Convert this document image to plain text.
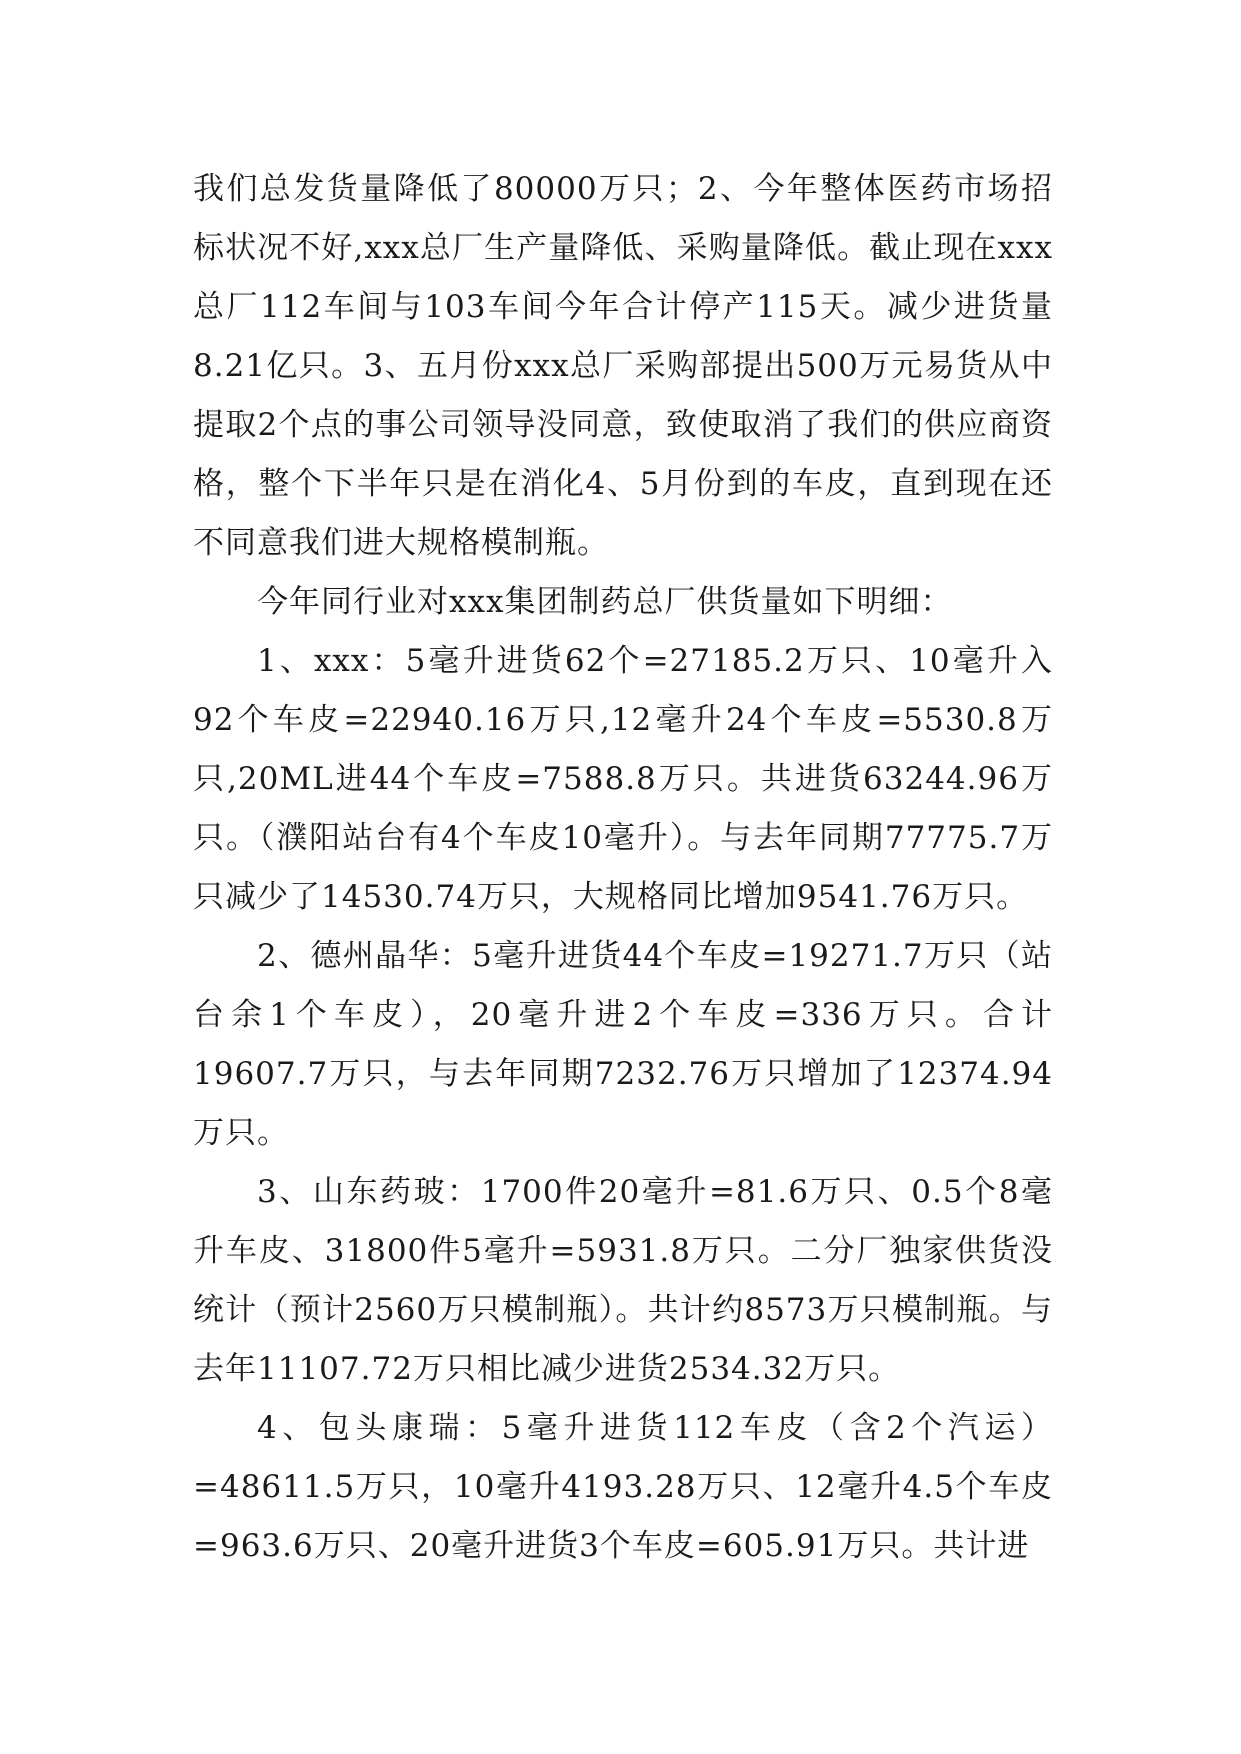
我们总发货量降低了80000万只；2、今年整体医药市场招标状况不好,xxx总厂生产量降低、采购量降低。截止现在xxx总厂112车间与103车间今年合计停产115天。减少进货量8.21亿只。3、五月份xxx总厂采购部提出500万元易货从中提取2个点的事公司领导没同意，致使取消了我们的供应商资格，整个下半年只是在消化4、5月份到的车皮，直到现在还不同意我们进大规格模制瓶。

今年同行业对xxx集团制药总厂供货量如下明细：

1、xxx：5毫升进货62个=27185.2万只、10毫升入92个车皮=22940.16万只,12毫升24个车皮=5530.8万只,20ML进44个车皮=7588.8万只。共进货63244.96万只。（濮阳站台有4个车皮10毫升）。与去年同期77775.7万只减少了14530.74万只，大规格同比增加9541.76万只。

2、德州晶华：5毫升进货44个车皮=19271.7万只（站台余1个车皮），20毫升进2个车皮=336万只。合计19607.7万只，与去年同期7232.76万只增加了12374.94万只。

3、山东药玻：1700件20毫升=81.6万只、0.5个8毫升车皮、31800件5毫升=5931.8万只。二分厂独家供货没统计（预计2560万只模制瓶）。共计约8573万只模制瓶。与去年11107.72万只相比减少进货2534.32万只。

4、包头康瑞：5毫升进货112车皮（含2个汽运）=48611.5万只，10毫升4193.28万只、12毫升4.5个车皮=963.6万只、20毫升进货3个车皮=605.91万只。共计进
